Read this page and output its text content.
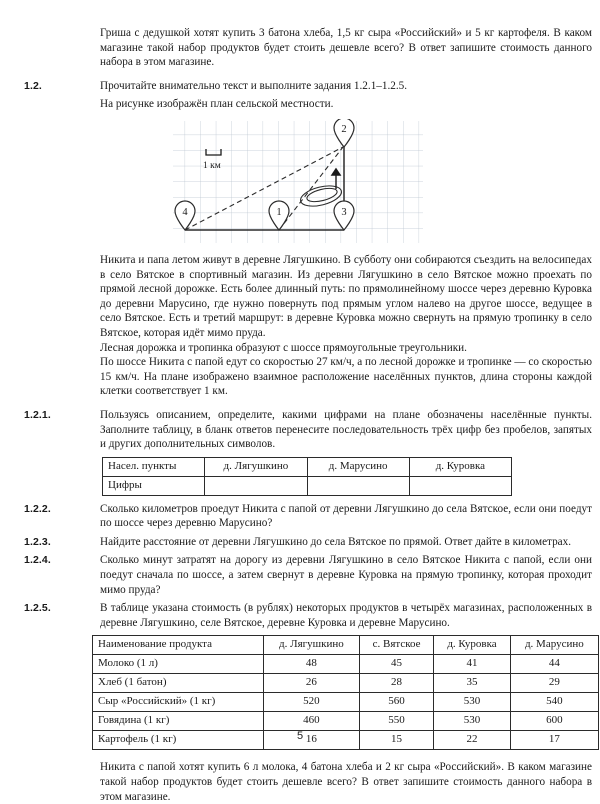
Гриша с дедушкой хотят купить 3 батона хлеба, 1,5 кг сыра «Российский» и 5 кг картофеля. В каком магазине такой набор продуктов будет стоить дешевле всего? В ответ запишите стоимость данного набора в этом магазине.

1.2.	Прочитайте внимательно текст и выполните задания 1.2.1–1.2.5.

На рисунке изображён план сельской местности.

1 км
4	1	3
2

Никита и папа летом живут в деревне Лягушкино. В субботу они собираются съездить на велосипедах в село Вятское в спортивный магазин. Из деревни Лягушкино в село Вятское можно проехать по прямой лесной дорожке. Есть более длинный путь: по прямолинейному шоссе через деревню Куровка до деревни Марусино, где нужно повернуть под прямым углом налево на другое шоссе, ведущее в село Вятское. Есть и третий маршрут: в деревне Куровка можно свернуть на прямую тропинку в село Вятское, которая идёт мимо пруда.

Лесная дорожка и тропинка образуют с шоссе прямоугольные треугольники.

По шоссе Никита с папой едут со скоростью 27 км/ч, а по лесной дорожке и тропинке — со скоростью 15 км/ч. На плане изображено взаимное расположение населённых пунктов, длина стороны каждой клетки соответствует 1 км.

1.2.1.	Пользуясь описанием, определите, какими цифрами на плане обозначены населённые пункты. Заполните таблицу, в бланк ответов перенесите последовательность трёх цифр без пробелов, запятых и других дополнительных символов.

Насел. пункты	д. Лягушкино	д. Марусино	д. Куровка
Цифры			
1.2.2.	Сколько километров проедут Никита с папой от деревни Лягушкино до села Вятское, если они поедут по шоссе через деревню Марусино?

1.2.3.	Найдите расстояние от деревни Лягушкино до села Вятское по прямой. Ответ дайте в километрах.

1.2.4.	Сколько минут затратят на дорогу из деревни Лягушкино в село Вятское Никита с папой, если они поедут сначала по шоссе, а затем свернут в деревне Куровка на прямую тропинку, которая проходит мимо пруда?

1.2.5.	В таблице указана стоимость (в рублях) некоторых продуктов в четырёх магазинах, расположенных в деревне Лягушкино, селе Вятское, деревне Куровка и деревне Марусино.

Наименование продукта	д. Лягушкино	с. Вятское	д. Куровка	д. Марусино
Молоко (1 л)	48	45	41	44
Хлеб (1 батон)	26	28	35	29
Сыр «Российский» (1 кг)	520	560	530	540
Говядина (1 кг)	460	550	530	600
Картофель (1 кг)	16	15	22	17

Никита с папой хотят купить 6 л молока, 4 батона хлеба и 2 кг сыра «Российский». В каком магазине такой набор продуктов будет стоить дешевле всего? В ответ запишите стоимость данного набора в этом магазине.

5
